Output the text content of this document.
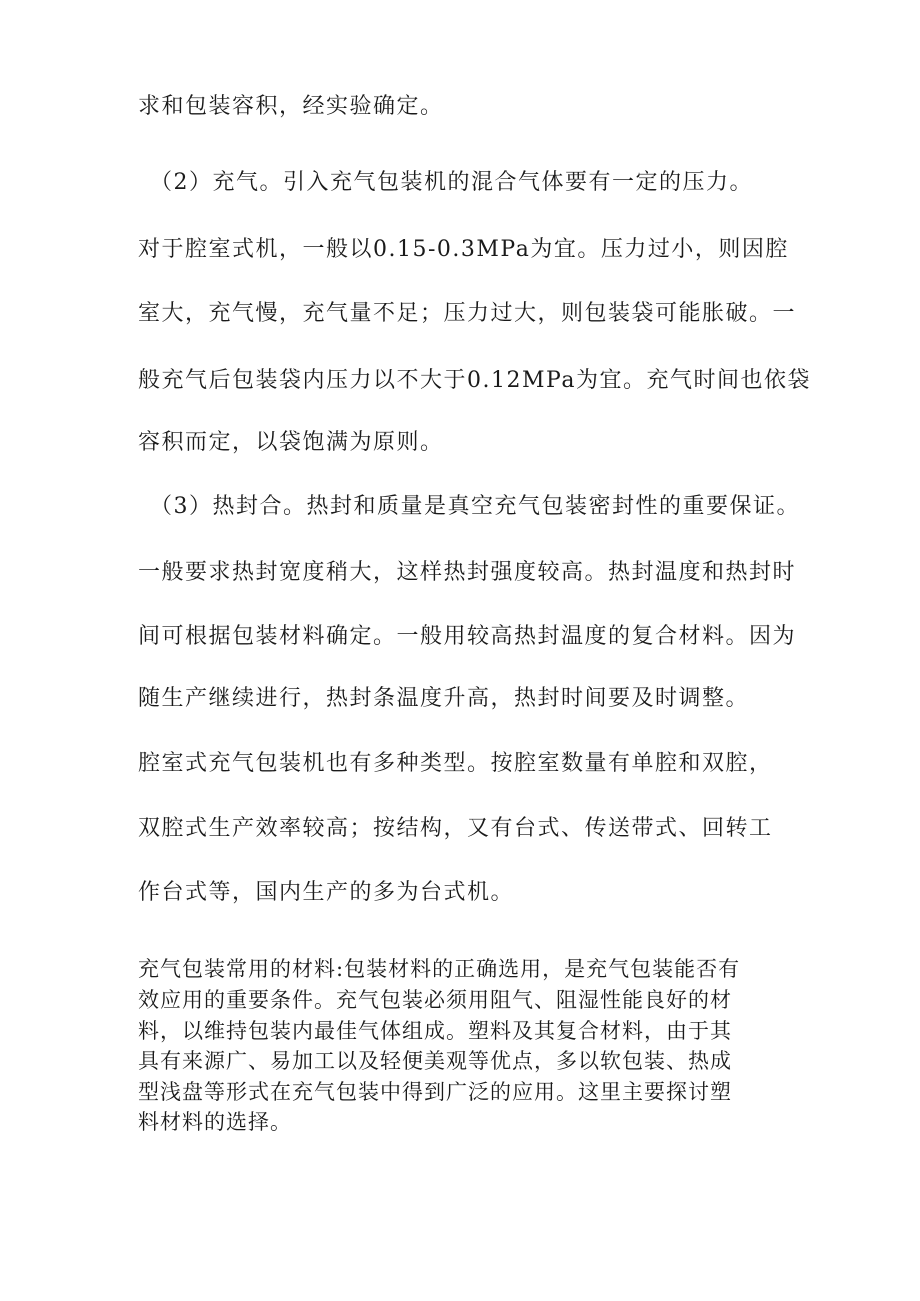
求和包装容积，经实验确定。

（2）充气。引入充气包装机的混合气体要有一定的压力。

对于腔室式机，一般以0.15-0.3MPa为宜。压力过小，则因腔

室大，充气慢，充气量不足；压力过大，则包装袋可能胀破。一

般充气后包装袋内压力以不大于0.12MPa为宜。充气时间也依袋

容积而定，以袋饱满为原则。

（3）热封合。热封和质量是真空充气包装密封性的重要保证。

一般要求热封宽度稍大，这样热封强度较高。热封温度和热封时

间可根据包装材料确定。一般用较高热封温度的复合材料。因为

随生产继续进行，热封条温度升高，热封时间要及时调整。

腔室式充气包装机也有多种类型。按腔室数量有单腔和双腔，

双腔式生产效率较高；按结构，又有台式、传送带式、回转工

作台式等，国内生产的多为台式机。

充气包装常用的材料:包装材料的正确选用，是充气包装能否有

效应用的重要条件。充气包装必须用阻气、阻湿性能良好的材

料，以维持包装内最佳气体组成。塑料及其复合材料，由于其

具有来源广、易加工以及轻便美观等优点，多以软包装、热成

型浅盘等形式在充气包装中得到广泛的应用。这里主要探讨塑

料材料的选择。
